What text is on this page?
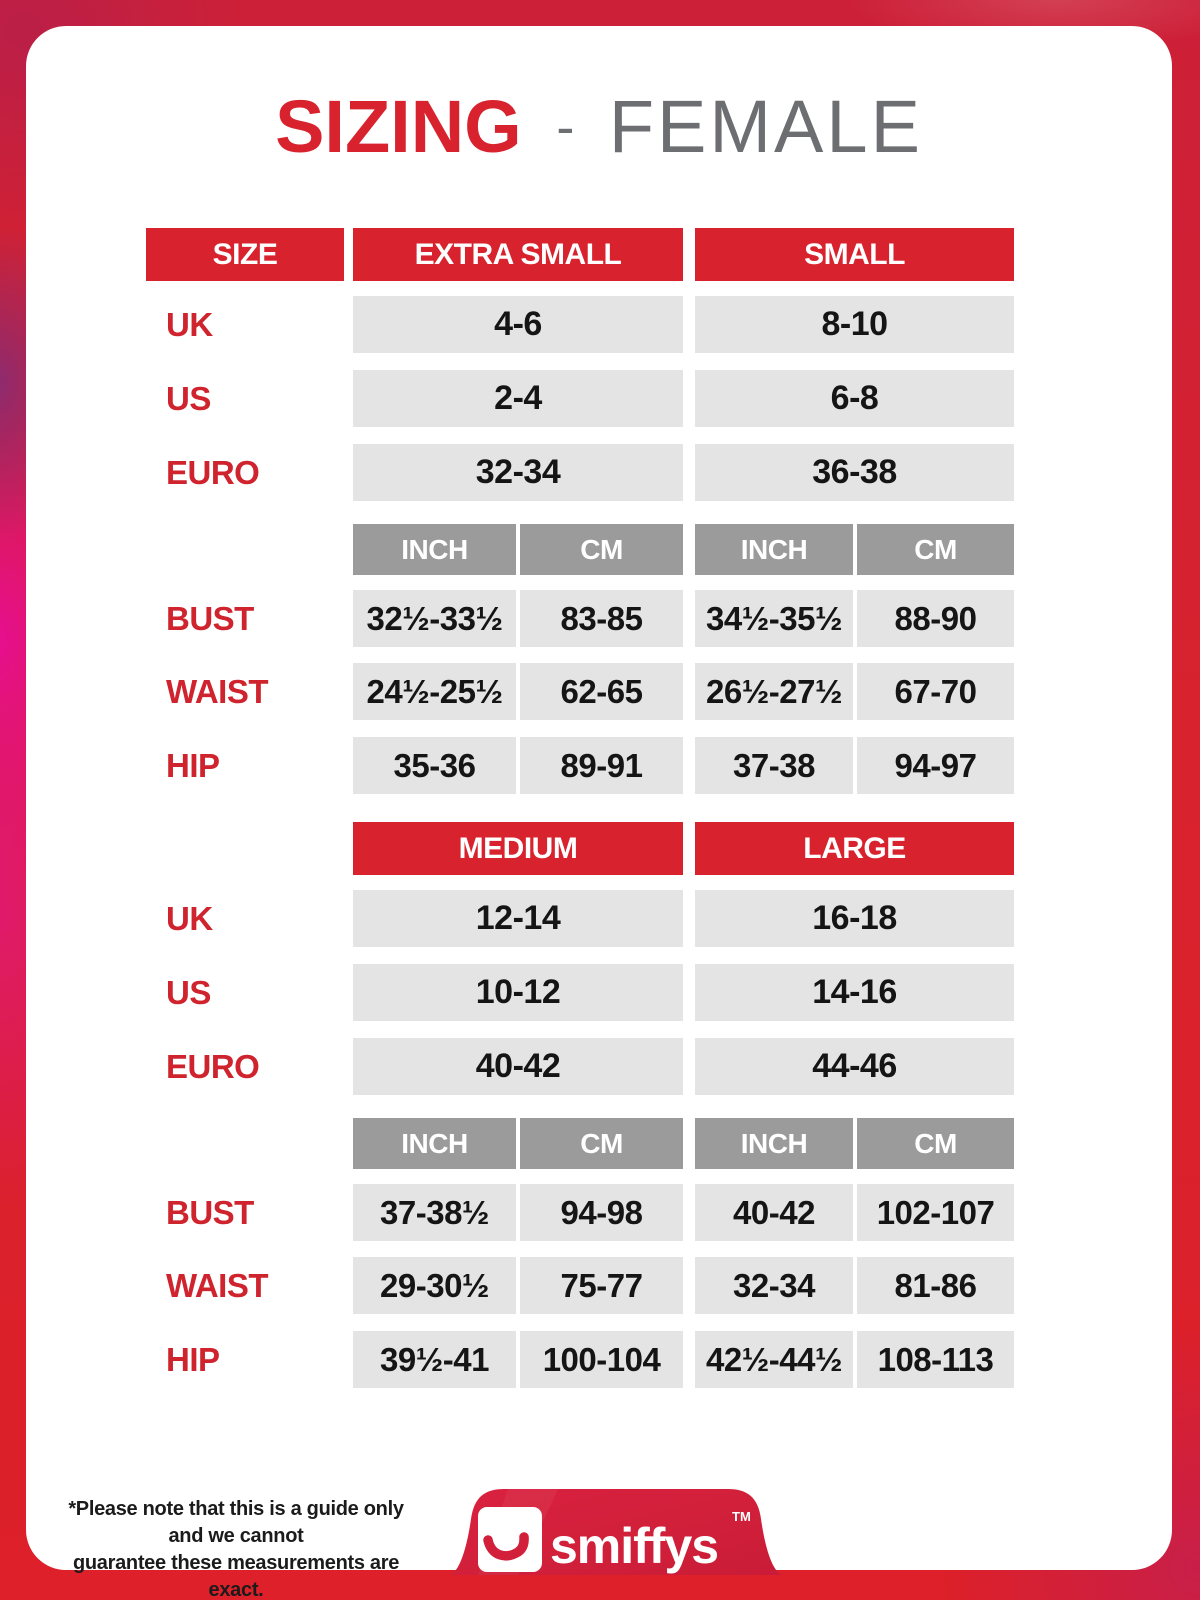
SIZING - FEMALE
SIZE	EXTRA SMALL	SMALL
UK	4-6	8-10
US	2-4	6-8
EURO	32-34	36-38
INCH	CM	INCH	CM
BUST	32½-33½	83-85	34½-35½	88-90
WAIST	24½-25½	62-65	26½-27½	67-70
HIP	35-36	89-91	37-38	94-97
MEDIUM	LARGE
UK	12-14	16-18
US	10-12	14-16
EURO	40-42	44-46
INCH	CM	INCH	CM
BUST	37-38½	94-98	40-42	102-107
WAIST	29-30½	75-77	32-34	81-86
HIP	39½-41	100-104	42½-44½	108-113
*Please note that this is a guide only and we cannot
guarantee these measurements are exact.
smiffys
TM
